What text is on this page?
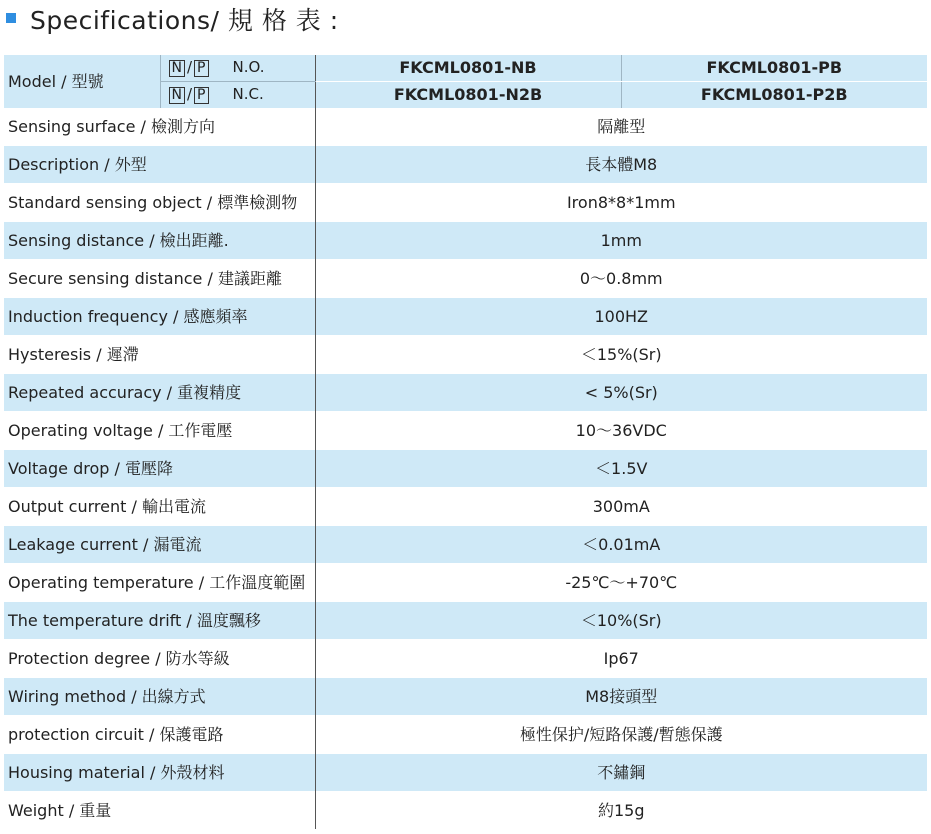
Specifications/ 規 格 表 :
Model / 型號	N / P N.O.	FKCML0801-NB	FKCML0801-PB
	N / P N.C.	FKCML0801-N2B	FKCML0801-P2B
Sensing surface / 檢測方向		隔離型	
Description / 外型		長本體M8	
Standard sensing object / 標準檢測物		Iron8*8*1mm	
Sensing distance / 檢出距離.		1mm	
Secure sensing distance / 建議距離		0～0.8mm	
Induction frequency / 感應頻率		100HZ	
Hysteresis / 遲滯		＜15%(Sr)	
Repeated accuracy / 重複精度		< 5%(Sr)	
Operating voltage / 工作電壓		10～36VDC	
Voltage drop / 電壓降		＜1.5V	
Output current / 輸出電流		300mA	
Leakage current / 漏電流		＜0.01mA	
Operating temperature / 工作溫度範圍		-25℃～+70℃	
The temperature drift / 溫度飄移		＜10%(Sr)	
Protection degree / 防水等級		Ip67	
Wiring method / 出線方式		M8接頭型	
protection circuit / 保護電路		極性保护/短路保護/暫態保護	
Housing material / 外殼材料		不鏽鋼	
Weight / 重量		約15g	
